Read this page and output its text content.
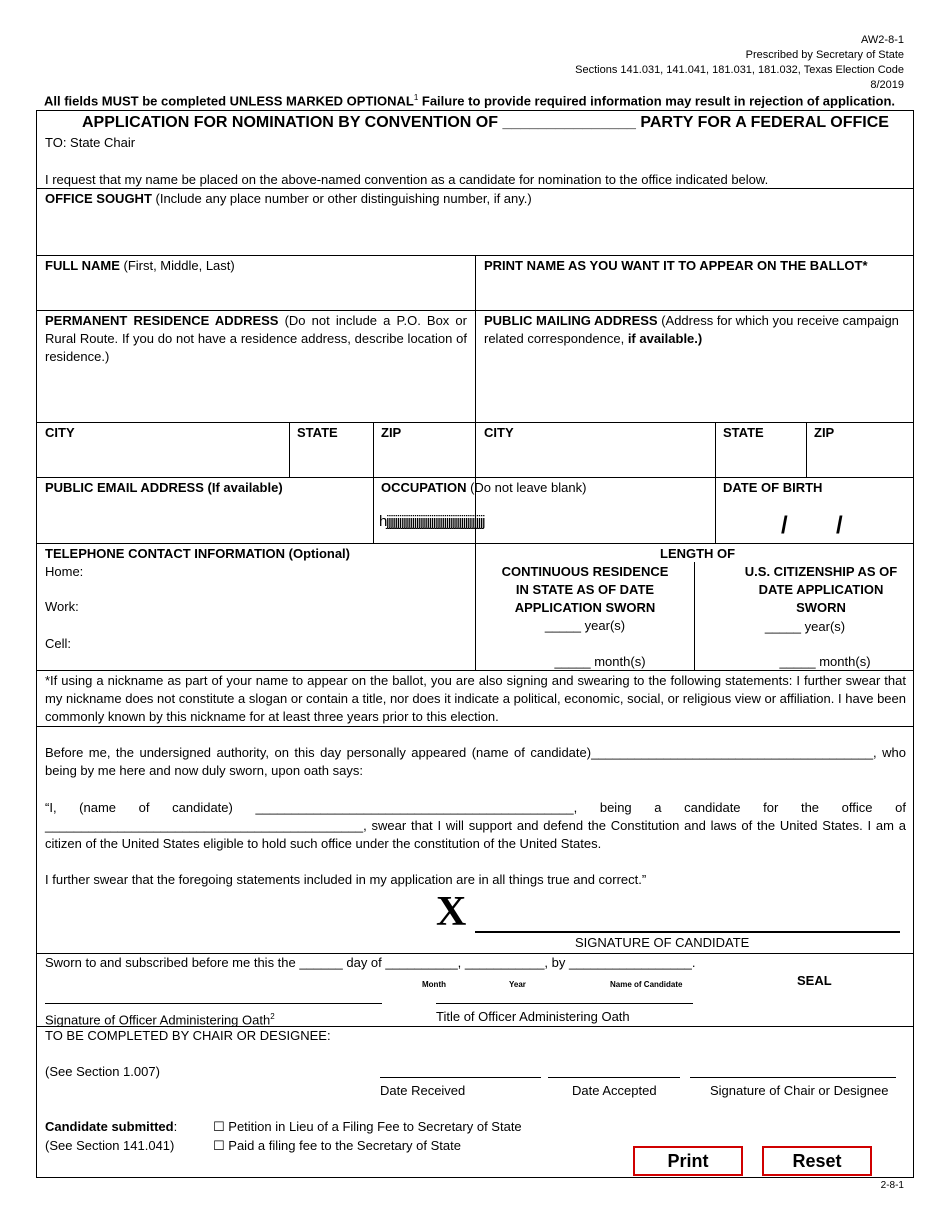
AW2-8-1
Prescribed by Secretary of State
Sections 141.031, 141.041, 181.031, 181.032, Texas Election Code
8/2019
All fields MUST be completed UNLESS MARKED OPTIONAL$^1$ Failure to provide required information may result in rejection of application.
APPLICATION FOR NOMINATION BY CONVENTION OF _______________ PARTY FOR A FEDERAL OFFICE
TO: State Chair
I request that my name be placed on the above-named convention as a candidate for nomination to the office indicated below.
OFFICE SOUGHT (Include any place number or other distinguishing number, if any.)
FULL NAME (First, Middle, Last)	PRINT NAME AS YOU WANT IT TO APPEAR ON THE BALLOT*
PERMANENT RESIDENCE ADDRESS (Do not include a P.O. Box or Rural Route. If you do not have a residence address, describe location of residence.)
PUBLIC MAILING ADDRESS (Address for which you receive campaign related correspondence, if available.)
CITY	STATE	ZIP	CITY	STATE	ZIP
PUBLIC EMAIL ADDRESS (If available)	OCCUPATION (Do not leave blank)
hjjjjjjjjjjjjjjjjjjjjjjjjjjjjjjjjjjjjjjjjjjjjjj
DATE OF BIRTH
/ /
TELEPHONE CONTACT INFORMATION (Optional)
Home:
Work:
Cell:
LENGTH OF
CONTINUOUS RESIDENCE
IN STATE AS OF DATE
APPLICATION SWORN
_____ year(s)
_____ month(s)
U.S. CITIZENSHIP AS OF
DATE APPLICATION
SWORN
_____ year(s)
_____ month(s)
*If using a nickname as part of your name to appear on the ballot, you are also signing and swearing to the following statements: I further swear that my nickname does not constitute a slogan or contain a title, nor does it indicate a political, economic, social, or religious view or affiliation. I have been commonly known by this nickname for at least three years prior to this election.
Before me, the undersigned authority, on this day personally appeared (name of candidate)_______________________________________, who being by me here and now duly sworn, upon oath says:
“I, (name of candidate) ____________________________________________, being a candidate for the office of ____________________________________________, swear that I will support and defend the Constitution and laws of the United States. I am a citizen of the United States eligible to hold such office under the constitution of the United States.
I further swear that the foregoing statements included in my application are in all things true and correct.”
X
SIGNATURE OF CANDIDATE
Sworn to and subscribed before me this the ______ day of __________, ___________, by _________________.
Month	Year	Name of Candidate	SEAL
Signature of Officer Administering Oath$^2$	Title of Officer Administering Oath
TO BE COMPLETED BY CHAIR OR DESIGNEE:
(See Section 1.007)
Date Received	Date Accepted	Signature of Chair or Designee
Candidate submitted:
(See Section 141.041)
☐ Petition in Lieu of a Filing Fee to Secretary of State
☐ Paid a filing fee to the Secretary of State
Print	Reset
2-8-1
